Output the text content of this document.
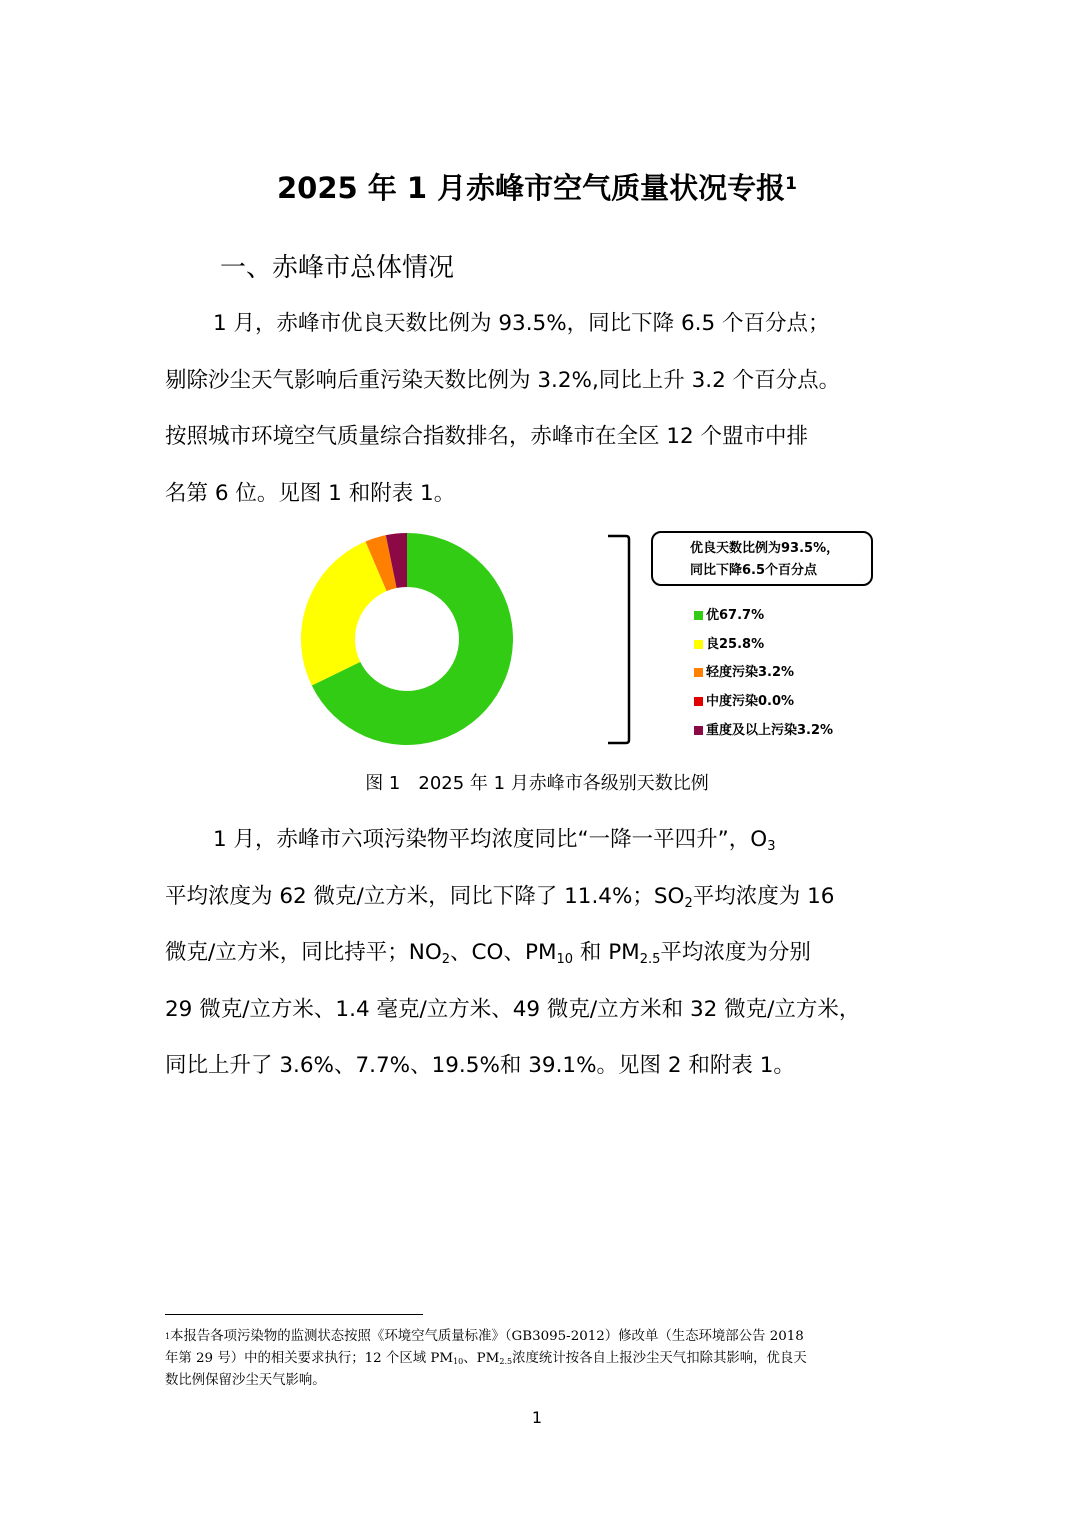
2025 年 1 月赤峰市空气质量状况专报$^1$
一、赤峰市总体情况
1 月，赤峰市优良天数比例为 93.5%，同比下降 6.5 个百分点；
剔除沙尘天气影响后重污染天数比例为 3.2%,同比上升 3.2 个百分点。
按照城市环境空气质量综合指数排名，赤峰市在全区 12 个盟市中排
名第 6 位。见图 1 和附表 1。
优良天数比例为93.5%，
同比下降6.5个百分点
优67.7%
良25.8%
轻度污染3.2%
中度污染0.0%
重度及以上污染3.2%
图 1 2025 年 1 月赤峰市各级别天数比例
1 月，赤峰市六项污染物平均浓度同比“一降一平四升”，$O_3$
平均浓度为 62 微克/立方米，同比下降了 11.4%；$SO_2$平均浓度为 16
微克/立方米，同比持平；$NO_2$、CO、$PM_{10}$ 和 $PM_{2.5}$平均浓度为分别
29 微克/立方米、1.4 毫克/立方米、49 微克/立方米和 32 微克/立方米，
同比上升了 3.6%、7.7%、19.5%和 39.1%。见图 2 和附表 1。
$^1$本报告各项污染物的监测状态按照《环境空气质量标准》（GB3095-2012）修改单（生态环境部公告 2018
年第 29 号）中的相关要求执行；12 个区域 $PM_{10}$、$PM_{2.5}$浓度统计按各自上报沙尘天气扣除其影响，优良天
数比例保留沙尘天气影响。
1
